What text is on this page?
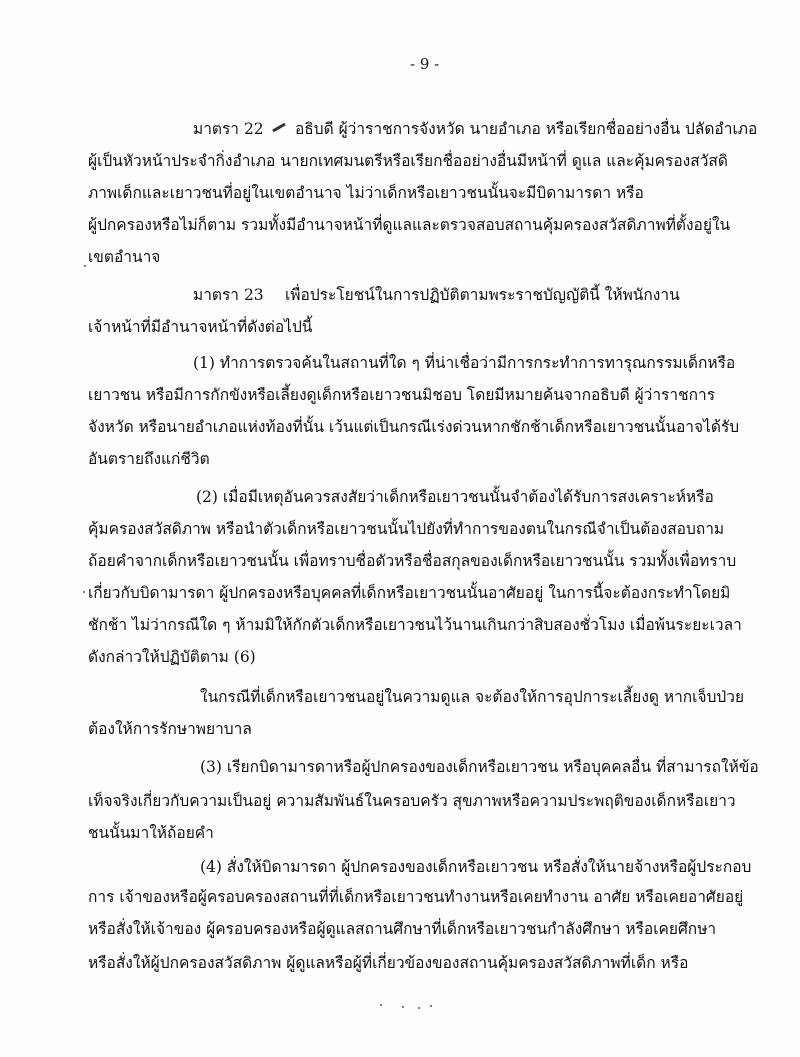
- 9 -
มาตรา 22 อธิบดี ผู้ว่าราชการจังหวัด นายอำเภอ หรือเรียกชื่ออย่างอื่น ปลัดอำเภอ
ผู้เป็นหัวหน้าประจำกิ่งอำเภอ นายกเทศมนตรีหรือเรียกชื่ออย่างอื่นมีหน้าที่ ดูแล และคุ้มครองสวัสดิ
ภาพเด็กและเยาวชนที่อยู่ในเขตอำนาจ ไม่ว่าเด็กหรือเยาวชนนั้นจะมีบิดามารดา หรือ
ผู้ปกครองหรือไม่ก็ตาม รวมทั้งมีอำนาจหน้าที่ดูแลและตรวจสอบสถานคุ้มครองสวัสดิภาพที่ตั้งอยู่ใน
เขตอำนาจ
มาตรา 23 เพื่อประโยชน์ในการปฏิบัติตามพระราชบัญญัตินี้ ให้พนักงาน
เจ้าหน้าที่มีอำนาจหน้าที่ดังต่อไปนี้
(1) ทำการตรวจค้นในสถานที่ใด ๆ ที่น่าเชื่อว่ามีการกระทำการทารุณกรรมเด็กหรือ
เยาวชน หรือมีการกักขังหรือเลี้ยงดูเด็กหรือเยาวชนมิชอบ โดยมีหมายค้นจากอธิบดี ผู้ว่าราชการ
จังหวัด หรือนายอำเภอแห่งท้องที่นั้น เว้นแต่เป็นกรณีเร่งด่วนหากชักช้าเด็กหรือเยาวชนนั้นอาจได้รับ
อันตรายถึงแก่ชีวิต
(2) เมื่อมีเหตุอันควรสงสัยว่าเด็กหรือเยาวชนนั้นจำต้องได้รับการสงเคราะห์หรือ
คุ้มครองสวัสดิภาพ หรือนำตัวเด็กหรือเยาวชนนั้นไปยังที่ทำการของตนในกรณีจำเป็นต้องสอบถาม
ถ้อยคำจากเด็กหรือเยาวชนนั้น เพื่อทราบชื่อตัวหรือชื่อสกุลของเด็กหรือเยาวชนนั้น รวมทั้งเพื่อทราบ
เกี่ยวกับบิดามารดา ผู้ปกครองหรือบุคคลที่เด็กหรือเยาวชนนั้นอาศัยอยู่ ในการนี้จะต้องกระทำโดยมิ
ชักช้า ไม่ว่ากรณีใด ๆ ห้ามมิให้กักตัวเด็กหรือเยาวชนไว้นานเกินกว่าสิบสองชั่วโมง เมื่อพ้นระยะเวลา
ดังกล่าวให้ปฏิบัติตาม (6)
ในกรณีที่เด็กหรือเยาวชนอยู่ในความดูแล จะต้องให้การอุปการะเลี้ยงดู หากเจ็บป่วย
ต้องให้การรักษาพยาบาล
(3) เรียกบิดามารดาหรือผู้ปกครองของเด็กหรือเยาวชน หรือบุคคลอื่น ที่สามารถให้ข้อ
เท็จจริงเกี่ยวกับความเป็นอยู่ ความสัมพันธ์ในครอบครัว สุขภาพหรือความประพฤติของเด็กหรือเยาว
ชนนั้นมาให้ถ้อยคำ
(4) สั่งให้บิดามารดา ผู้ปกครองของเด็กหรือเยาวชน หรือสั่งให้นายจ้างหรือผู้ประกอบ
การ เจ้าของหรือผู้ครอบครองสถานที่ที่เด็กหรือเยาวชนทำงานหรือเคยทำงาน อาศัย หรือเคยอาศัยอยู่
หรือสั่งให้เจ้าของ ผู้ครอบครองหรือผู้ดูแลสถานศึกษาที่เด็กหรือเยาวชนกำลังศึกษา หรือเคยศึกษา
หรือสั่งให้ผู้ปกครองสวัสดิภาพ ผู้ดูแลหรือผู้ที่เกี่ยวข้องของสถานคุ้มครองสวัสดิภาพที่เด็ก หรือ
